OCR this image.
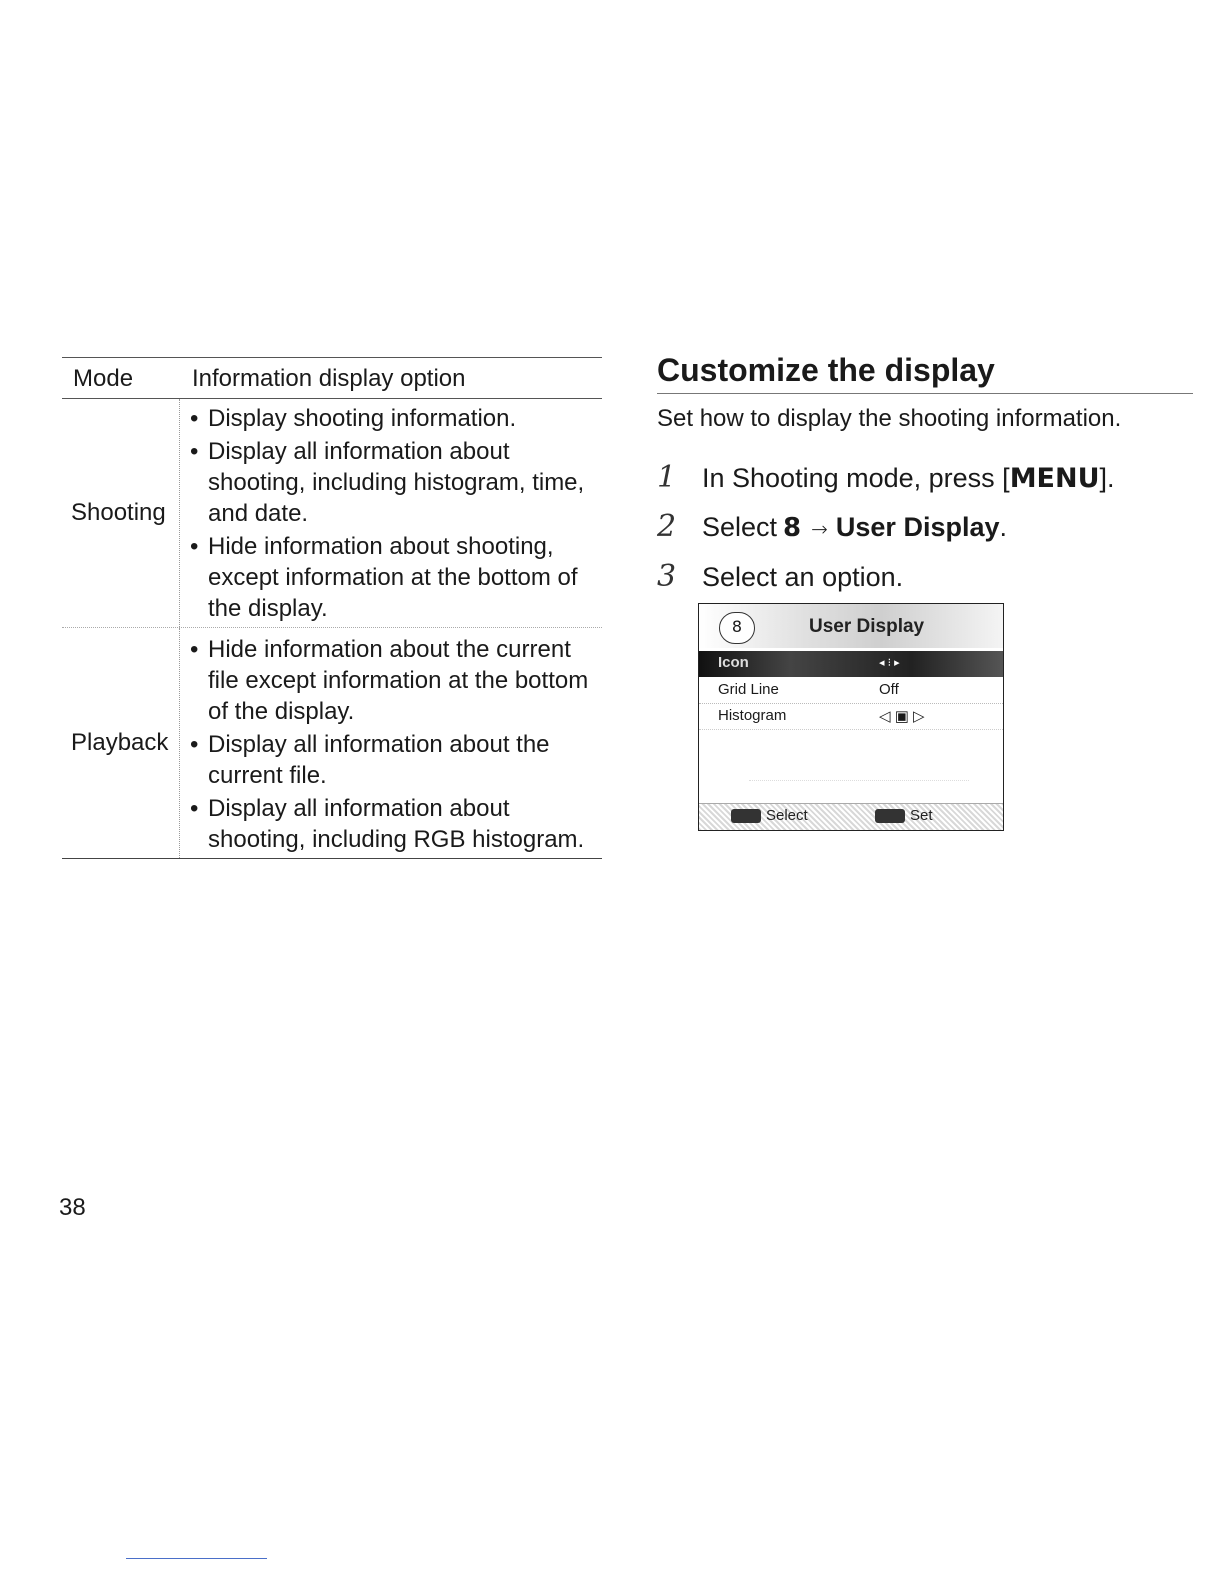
Mode Information display option
Shooting
• Display shooting information.
• Display all information about shooting, including histogram, time, and date.
• Hide information about shooting, except information at the bottom of the display.
Playback
• Hide information about the current file except information at the bottom of the display.
• Display all information about the current file.
• Display all information about shooting, including RGB histogram.
Customize the display
Set how to display the shooting information.
1 In Shooting mode, press [ MENU ].
2 Select 8 → User Display .
3 Select an option.
8	User Display
Icon	◂ ⁝ ▸
Grid Line	Off
Histogram	◁ ▣ ▷
Select	Set
38
